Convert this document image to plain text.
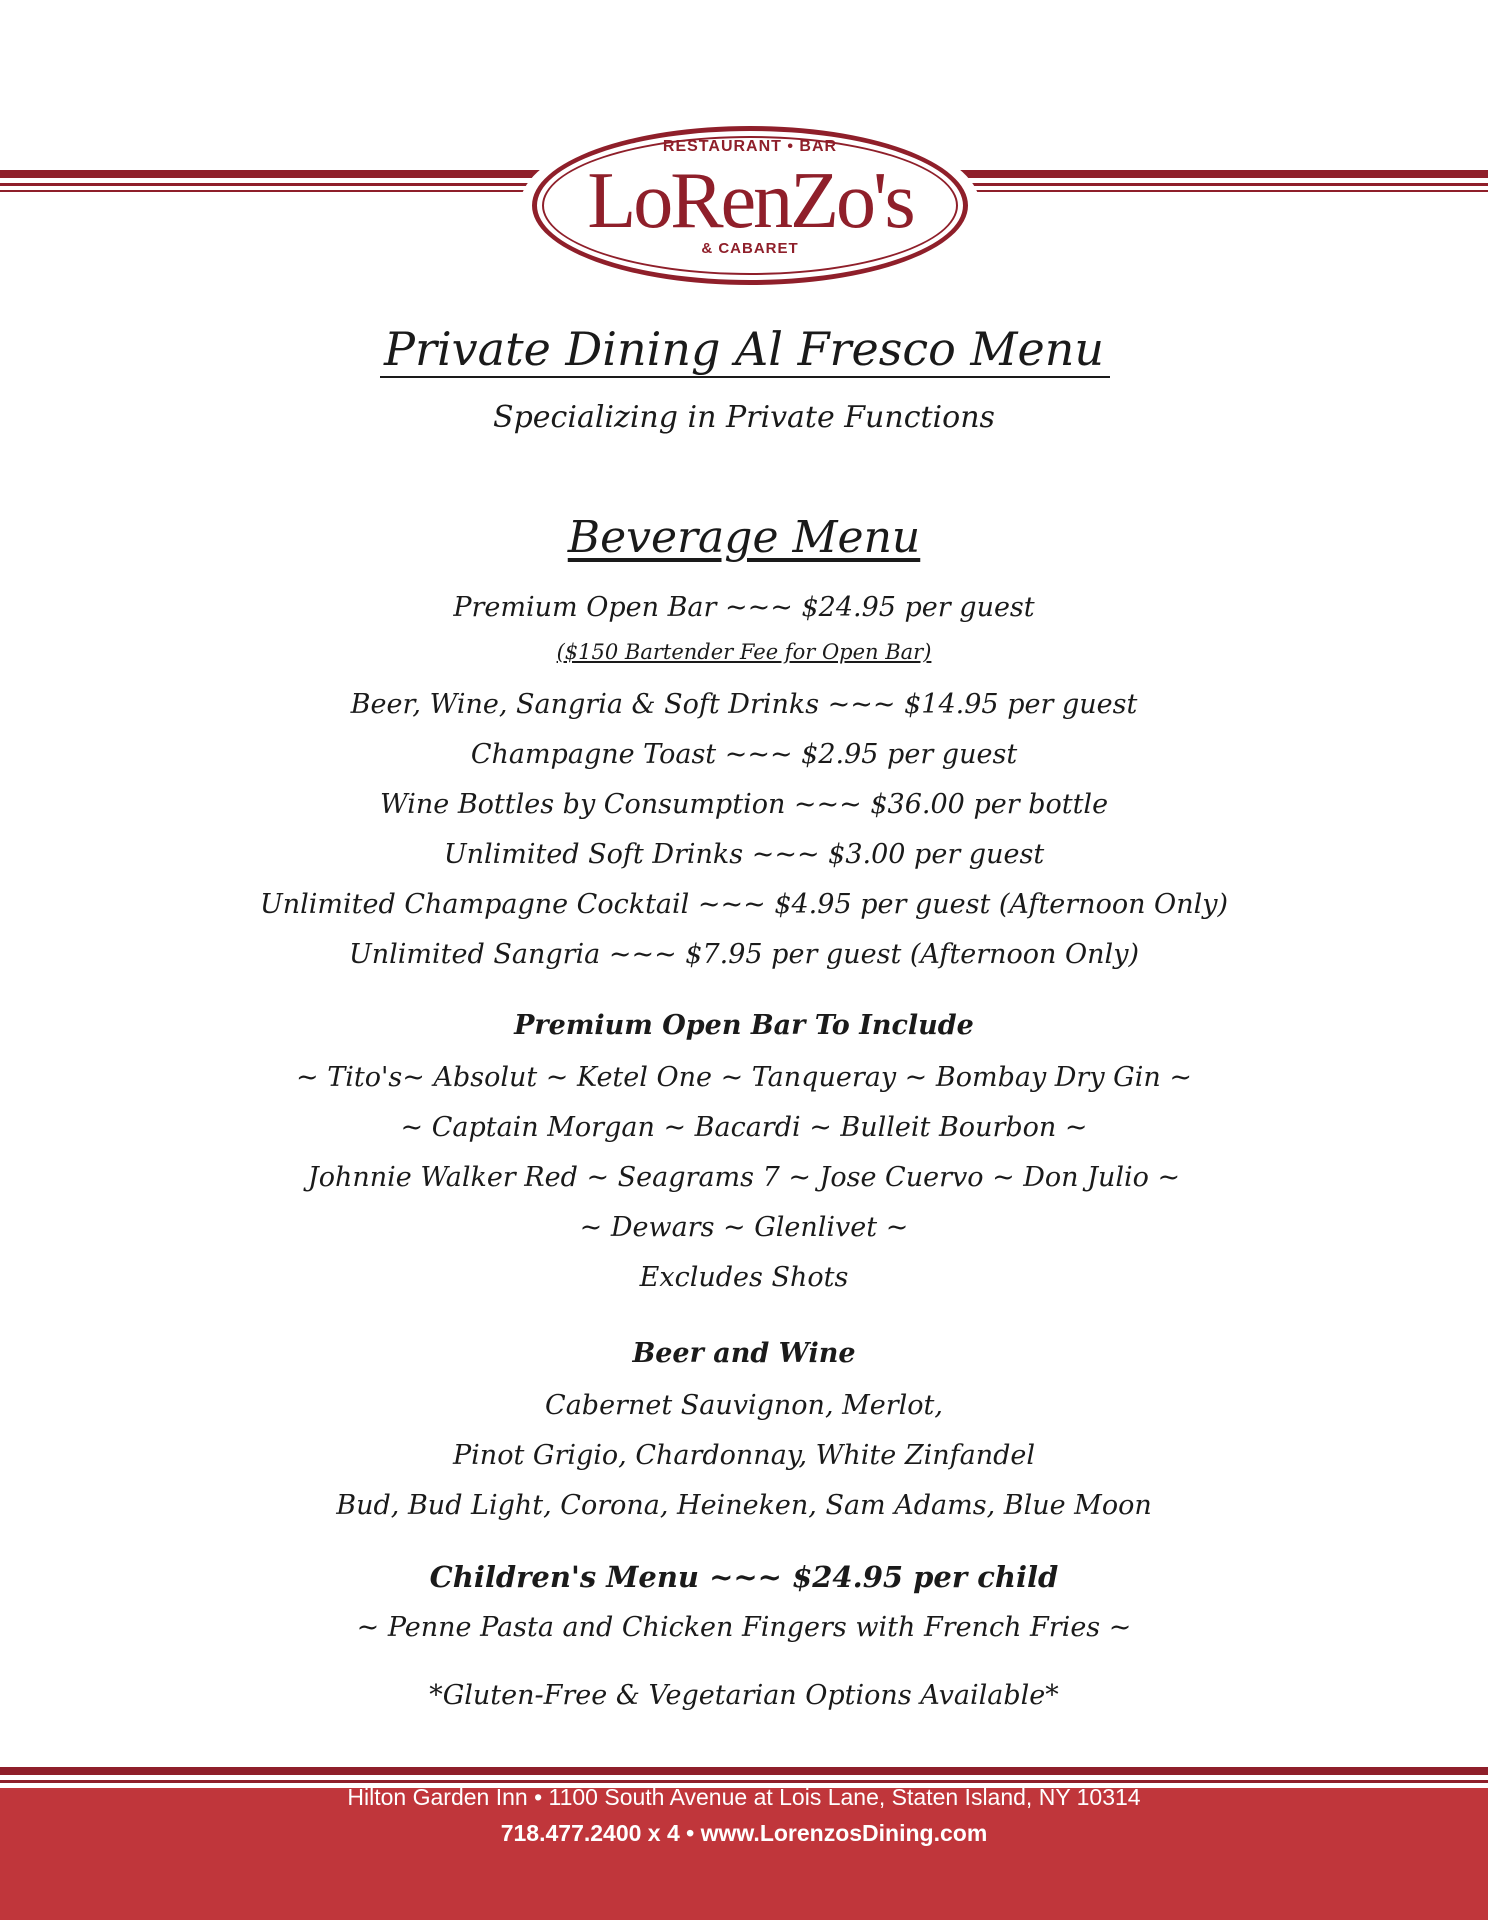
RESTAURANT • BAR
LoRenZo's
& CABARET
Private Dining Al Fresco Menu
Specializing in Private Functions
Beverage Menu
Premium Open Bar ~~~ $24.95 per guest
($150 Bartender Fee for Open Bar)
Beer, Wine, Sangria & Soft Drinks ~~~ $14.95 per guest
Champagne Toast ~~~ $2.95 per guest
Wine Bottles by Consumption ~~~ $36.00 per bottle
Unlimited Soft Drinks ~~~ $3.00 per guest
Unlimited Champagne Cocktail ~~~ $4.95 per guest (Afternoon Only)
Unlimited Sangria ~~~ $7.95 per guest (Afternoon Only)
Premium Open Bar To Include
~ Tito's~ Absolut ~ Ketel One ~ Tanqueray ~ Bombay Dry Gin ~
~ Captain Morgan ~ Bacardi ~ Bulleit Bourbon ~
Johnnie Walker Red ~ Seagrams 7 ~ Jose Cuervo ~ Don Julio ~
~ Dewars ~ Glenlivet ~
Excludes Shots
Beer and Wine
Cabernet Sauvignon, Merlot,
Pinot Grigio, Chardonnay, White Zinfandel
Bud, Bud Light, Corona, Heineken, Sam Adams, Blue Moon
Children's Menu ~~~ $24.95 per child
~ Penne Pasta and Chicken Fingers with French Fries ~
*Gluten-Free & Vegetarian Options Available*
Hilton Garden Inn • 1100 South Avenue at Lois Lane, Staten Island, NY 10314
718.477.2400 x 4 • www.LorenzosDining.com
